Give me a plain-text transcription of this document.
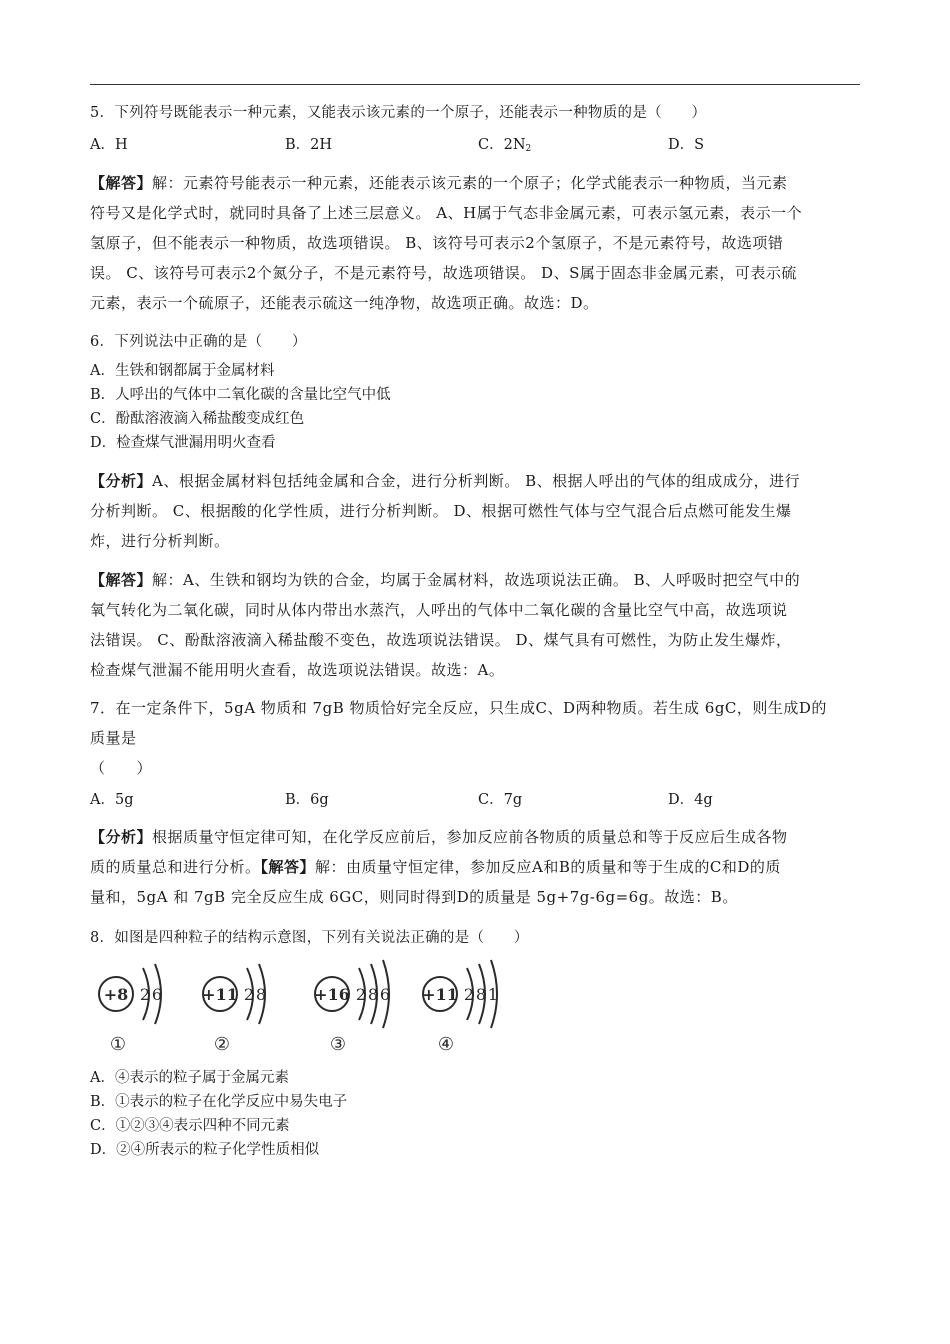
5．下列符号既能表示一种元素，又能表示该元素的一个原子，还能表示一种物质的是（　　）
A．H	B．2H	C．$2N_2$	D．S
【解答】解：元素符号能表示一种元素，还能表示该元素的一个原子；化学式能表示一种物质，当元素
符号又是化学式时，就同时具备了上述三层意义。 A、H属于气态非金属元素，可表示氢元素，表示一个
氢原子，但不能表示一种物质，故选项错误。 B、该符号可表示2个氢原子，不是元素符号，故选项错
误。 C、该符号可表示2个氮分子，不是元素符号，故选项错误。 D、S属于固态非金属元素，可表示硫
元素，表示一个硫原子，还能表示硫这一纯净物，故选项正确。故选：D。
6．下列说法中正确的是（　　）
A．生铁和钢都属于金属材料
B．人呼出的气体中二氧化碳的含量比空气中低
C．酚酞溶液滴入稀盐酸变成红色
D．检查煤气泄漏用明火查看
【分析】A、根据金属材料包括纯金属和合金，进行分析判断。 B、根据人呼出的气体的组成成分，进行
分析判断。 C、根据酸的化学性质，进行分析判断。 D、根据可燃性气体与空气混合后点燃可能发生爆
炸，进行分析判断。
【解答】解：A、生铁和钢均为铁的合金，均属于金属材料，故选项说法正确。 B、人呼吸时把空气中的
氧气转化为二氧化碳，同时从体内带出水蒸汽，人呼出的气体中二氧化碳的含量比空气中高，故选项说
法错误。 C、酚酞溶液滴入稀盐酸不变色，故选项说法错误。 D、煤气具有可燃性，为防止发生爆炸，
检查煤气泄漏不能用明火查看，故选项说法错误。故选：A。
7．在一定条件下，5gA 物质和 7gB 物质恰好完全反应，只生成C、D两种物质。若生成 6gC，则生成D的
质量是
（　　）
A．5g	B．6g	C．7g	D．4g
【分析】根据质量守恒定律可知，在化学反应前后，参加反应前各物质的质量总和等于反应后生成各物
质的质量总和进行分析。【解答】解：由质量守恒定律，参加反应A和B的质量和等于生成的C和D的质
量和，5gA 和 7gB 完全反应生成 6GC，则同时得到D的质量是 5g+7g-6g=6g。故选：B。
8．如图是四种粒子的结构示意图，下列有关说法正确的是（　　）
+8 2 6
①
+11 2 8
②
+16 2 8 6
③
+11 2 8 1
④
A．④表示的粒子属于金属元素
B．①表示的粒子在化学反应中易失电子
C．①②③④表示四种不同元素
D．②④所表示的粒子化学性质相似
